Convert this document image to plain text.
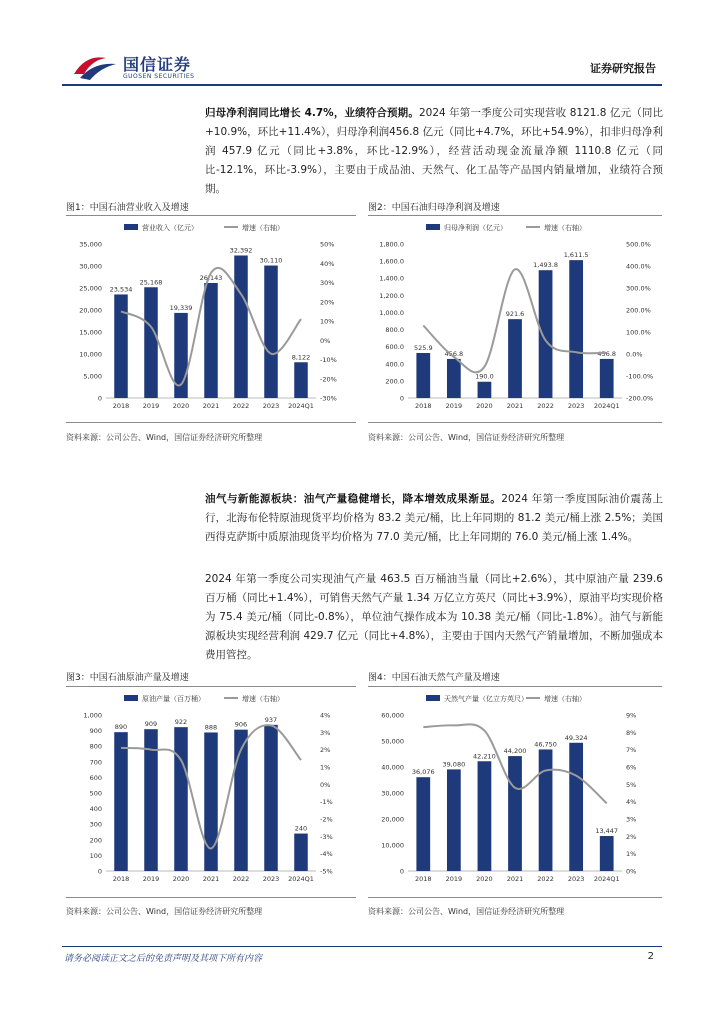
国信证券
GUOSEN SECURITIES
证券研究报告

归母净利润同比增长 4.7%，业绩符合预期。2024 年第一季度公司实现营收 8121.8 亿元（同比+10.9%，环比+11.4%），归母净利润456.8 亿元（同比+4.7%，环比+54.9%），扣非归母净利润 457.9 亿元（同比+3.8%，环比-12.9%），经营活动现金流量净额 1110.8 亿元（同比-12.1%，环比-3.9%），主要由于成品油、天然气、化工品等产品国内销量增加，业绩符合预期。

图1：中国石油营业收入及增速	图2：中国石油归母净利润及增速
营业收入（亿元）	增速（右轴）
0
5,000
10,000
15,000
20,000
25,000
30,000
35,000
-30%
-20%
-10%
0%
10%
20%
30%
40%
50%
23,534
2018
25,168
2019
19,339
2020
26,143
2021
32,392
2022
30,110
2023
8,122
2024Q1
归母净利润（亿元）	增速（右轴）
0
200.0
400.0
600.0
800.0
1,000.0
1,200.0
1,400.0
1,600.0
1,800.0
-200.0%
-100.0%
0.0%
100.0%
200.0%
300.0%
400.0%
500.0%
525.9
2018
456.8
2019
190.0
2020
921.6
2021
1,493.8
2022
1,611.5
2023
456.8
2024Q1
资料来源：公司公告、Wind，国信证券经济研究所整理	资料来源：公司公告、Wind，国信证券经济研究所整理

油气与新能源板块：油气产量稳健增长，降本增效成果渐显。2024 年第一季度国际油价震荡上行，北海布伦特原油现货平均价格为 83.2 美元/桶，比上年同期的 81.2 美元/桶上涨 2.5%；美国西得克萨斯中质原油现货平均价格为 77.0 美元/桶，比上年同期的 76.0 美元/桶上涨 1.4%。

2024 年第一季度公司实现油气产量 463.5 百万桶油当量（同比+2.6%），其中原油产量 239.6 百万桶（同比+1.4%），可销售天然气产量 1.34 万亿立方英尺（同比+3.9%），原油平均实现价格为 75.4 美元/桶（同比-0.8%），单位油气操作成本为 10.38 美元/桶（同比-1.8%）。油气与新能源板块实现经营利润 429.7 亿元（同比+4.8%），主要由于国内天然气产销量增加，不断加强成本费用管控。

图3：中国石油原油产量及增速	图4：中国石油天然气产量及增速
原油产量（百万桶）	增速（右轴）
0
100
200
300
400
500
600
700
800
900
1,000
-5%
-4%
-3%
-2%
-1%
0%
1%
2%
3%
4%
890
2018
909
2019
922
2020
888
2021
906
2022
937
2023
240
2024Q1
天然气产量（亿立方英尺） 增速（右轴）
0
10,000
20,000
30,000
40,000
50,000
60,000
0%
1%
2%
3%
4%
5%
6%
7%
8%
9%
36,076
2018
39,080
2019
42,210
2020
44,200
2021
46,750
2022
49,324
2023
13,447
2024Q1
资料来源：公司公告、Wind，国信证券经济研究所整理	资料来源：公司公告、Wind，国信证券经济研究所整理
请务必阅读正文之后的免责声明及其项下所有内容	2
